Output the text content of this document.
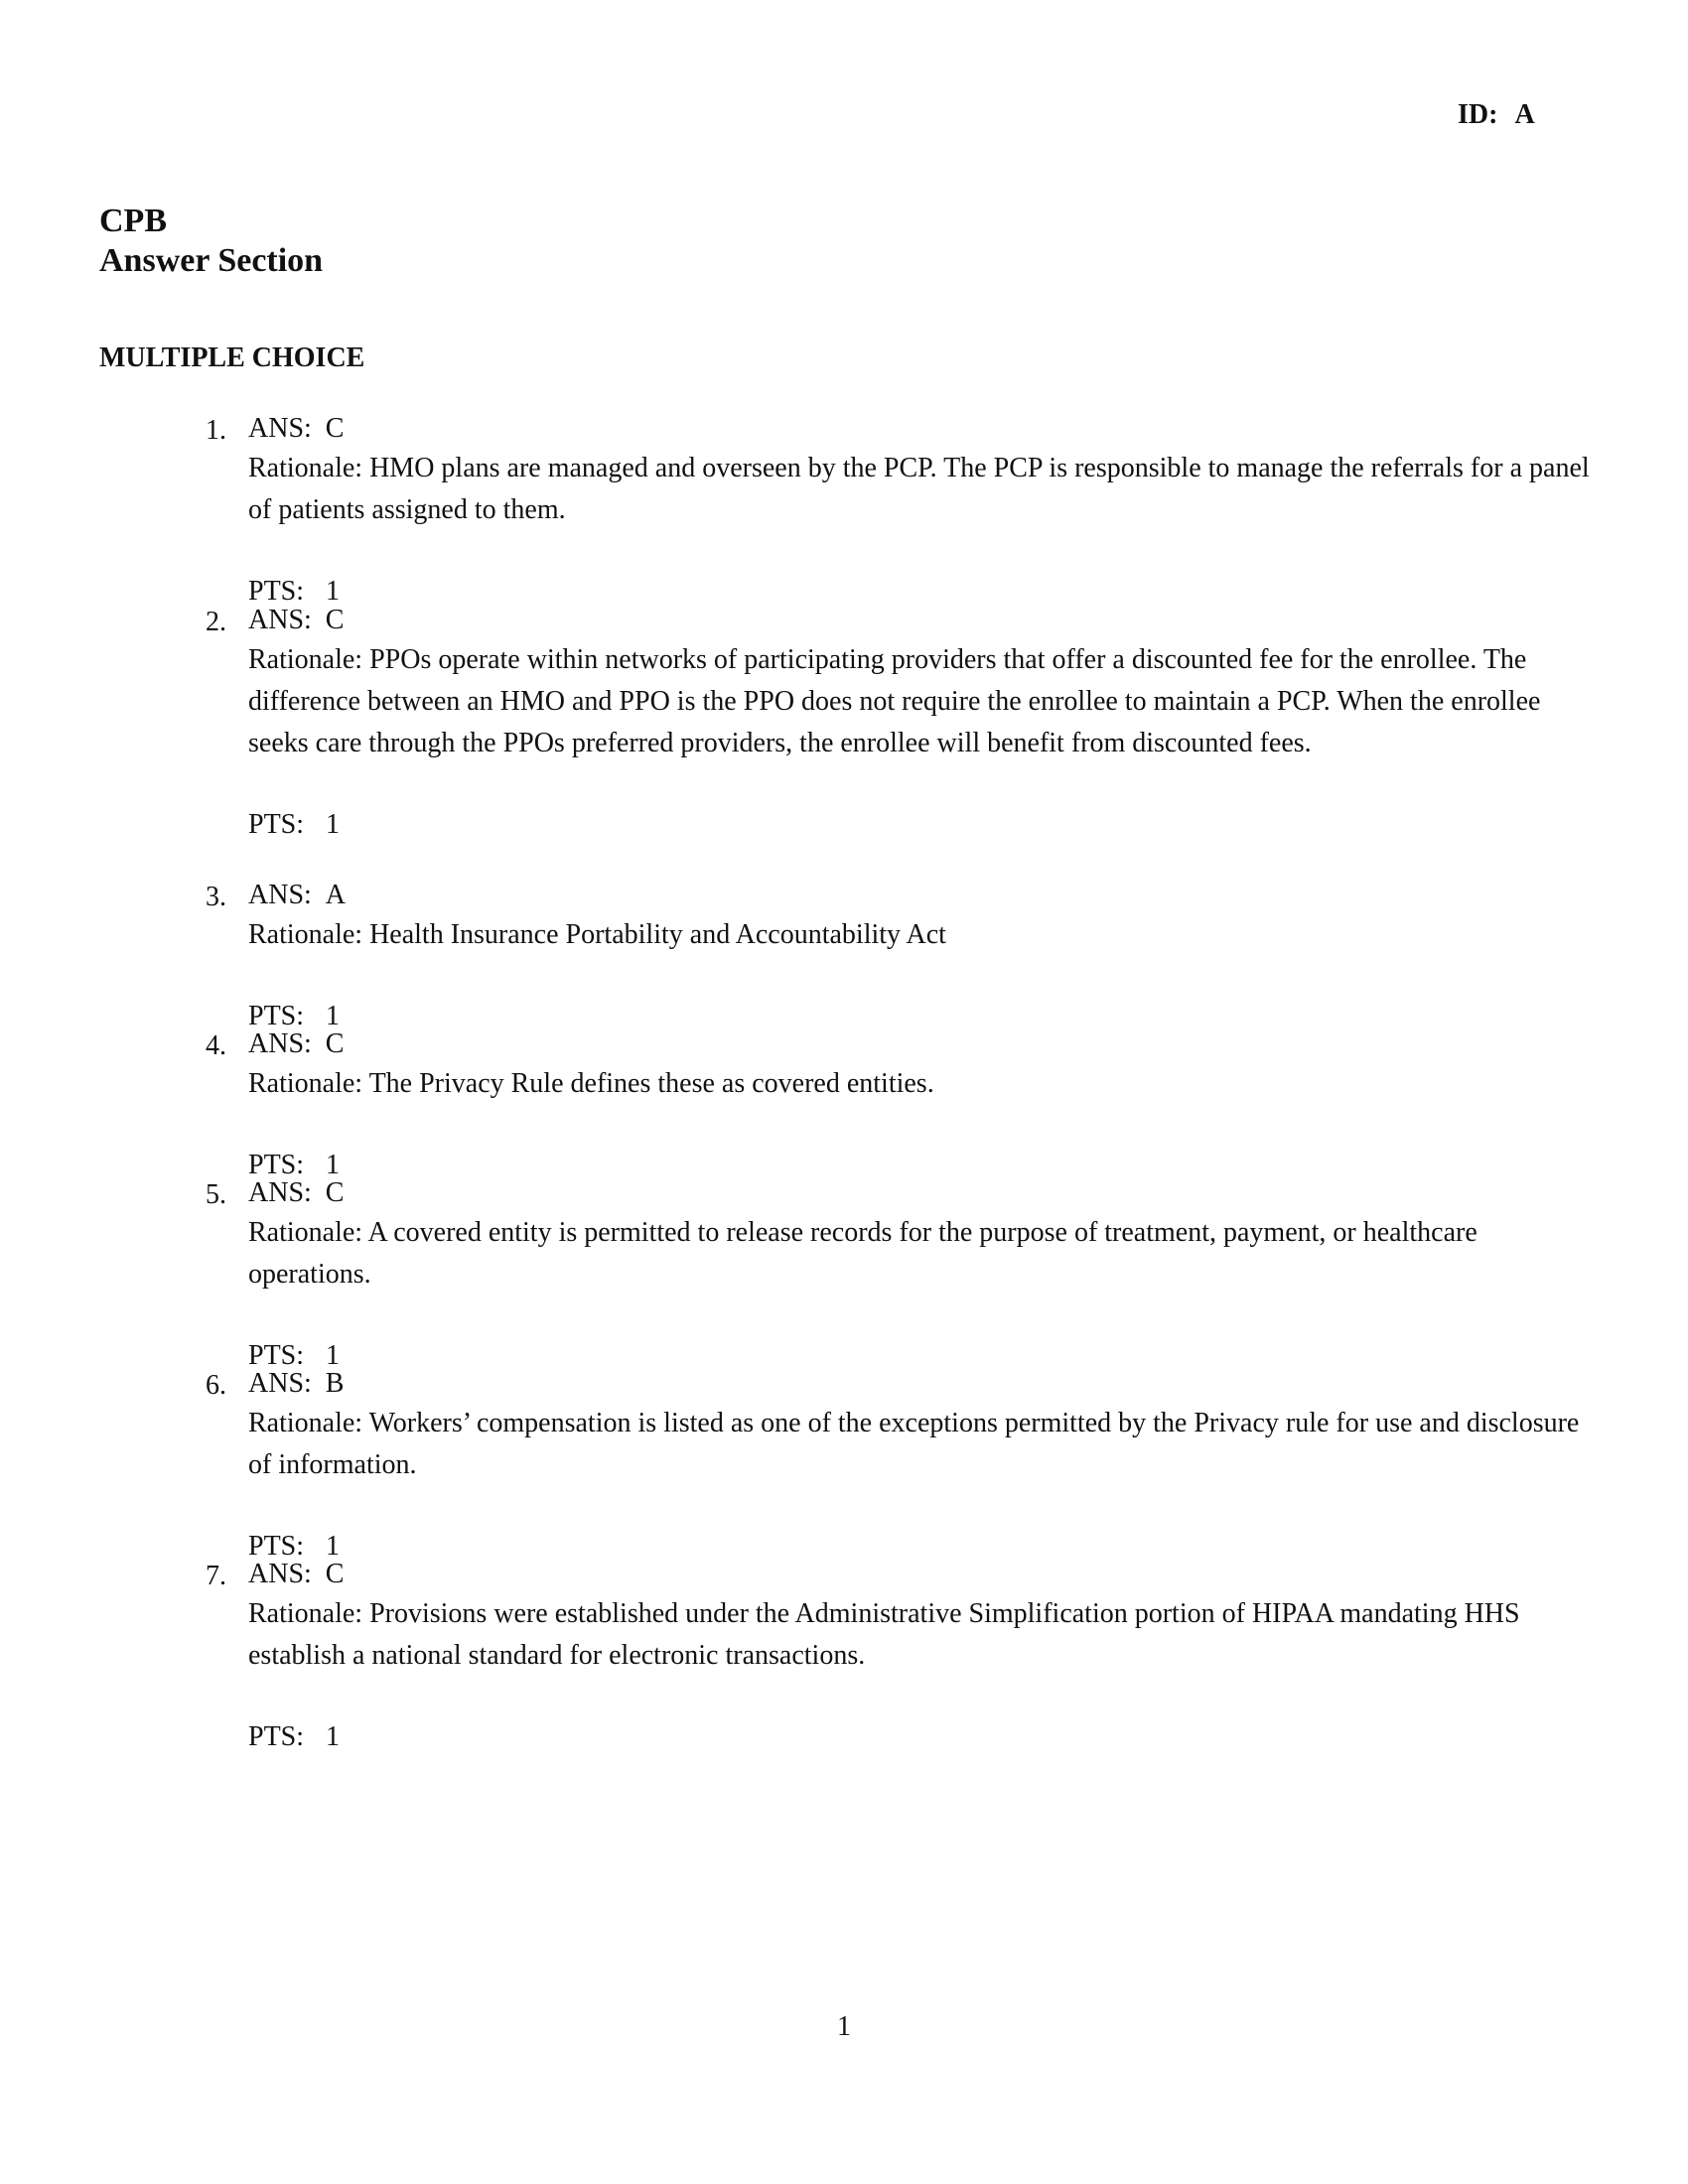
ID: A
CPB
Answer Section
MULTIPLE CHOICE
1. ANS: C
Rationale: HMO plans are managed and overseen by the PCP. The PCP is responsible to manage the referrals for a panel of patients assigned to them.
PTS: 1
2. ANS: C
Rationale: PPOs operate within networks of participating providers that offer a discounted fee for the enrollee. The difference between an HMO and PPO is the PPO does not require the enrollee to maintain a PCP. When the enrollee seeks care through the PPOs preferred providers, the enrollee will benefit from discounted fees.
PTS: 1
3. ANS: A
Rationale: Health Insurance Portability and Accountability Act
PTS: 1
4. ANS: C
Rationale: The Privacy Rule defines these as covered entities.
PTS: 1
5. ANS: C
Rationale: A covered entity is permitted to release records for the purpose of treatment, payment, or healthcare operations.
PTS: 1
6. ANS: B
Rationale: Workers’ compensation is listed as one of the exceptions permitted by the Privacy rule for use and disclosure of information.
PTS: 1
7. ANS: C
Rationale: Provisions were established under the Administrative Simplification portion of HIPAA mandating HHS establish a national standard for electronic transactions.
PTS: 1
1
